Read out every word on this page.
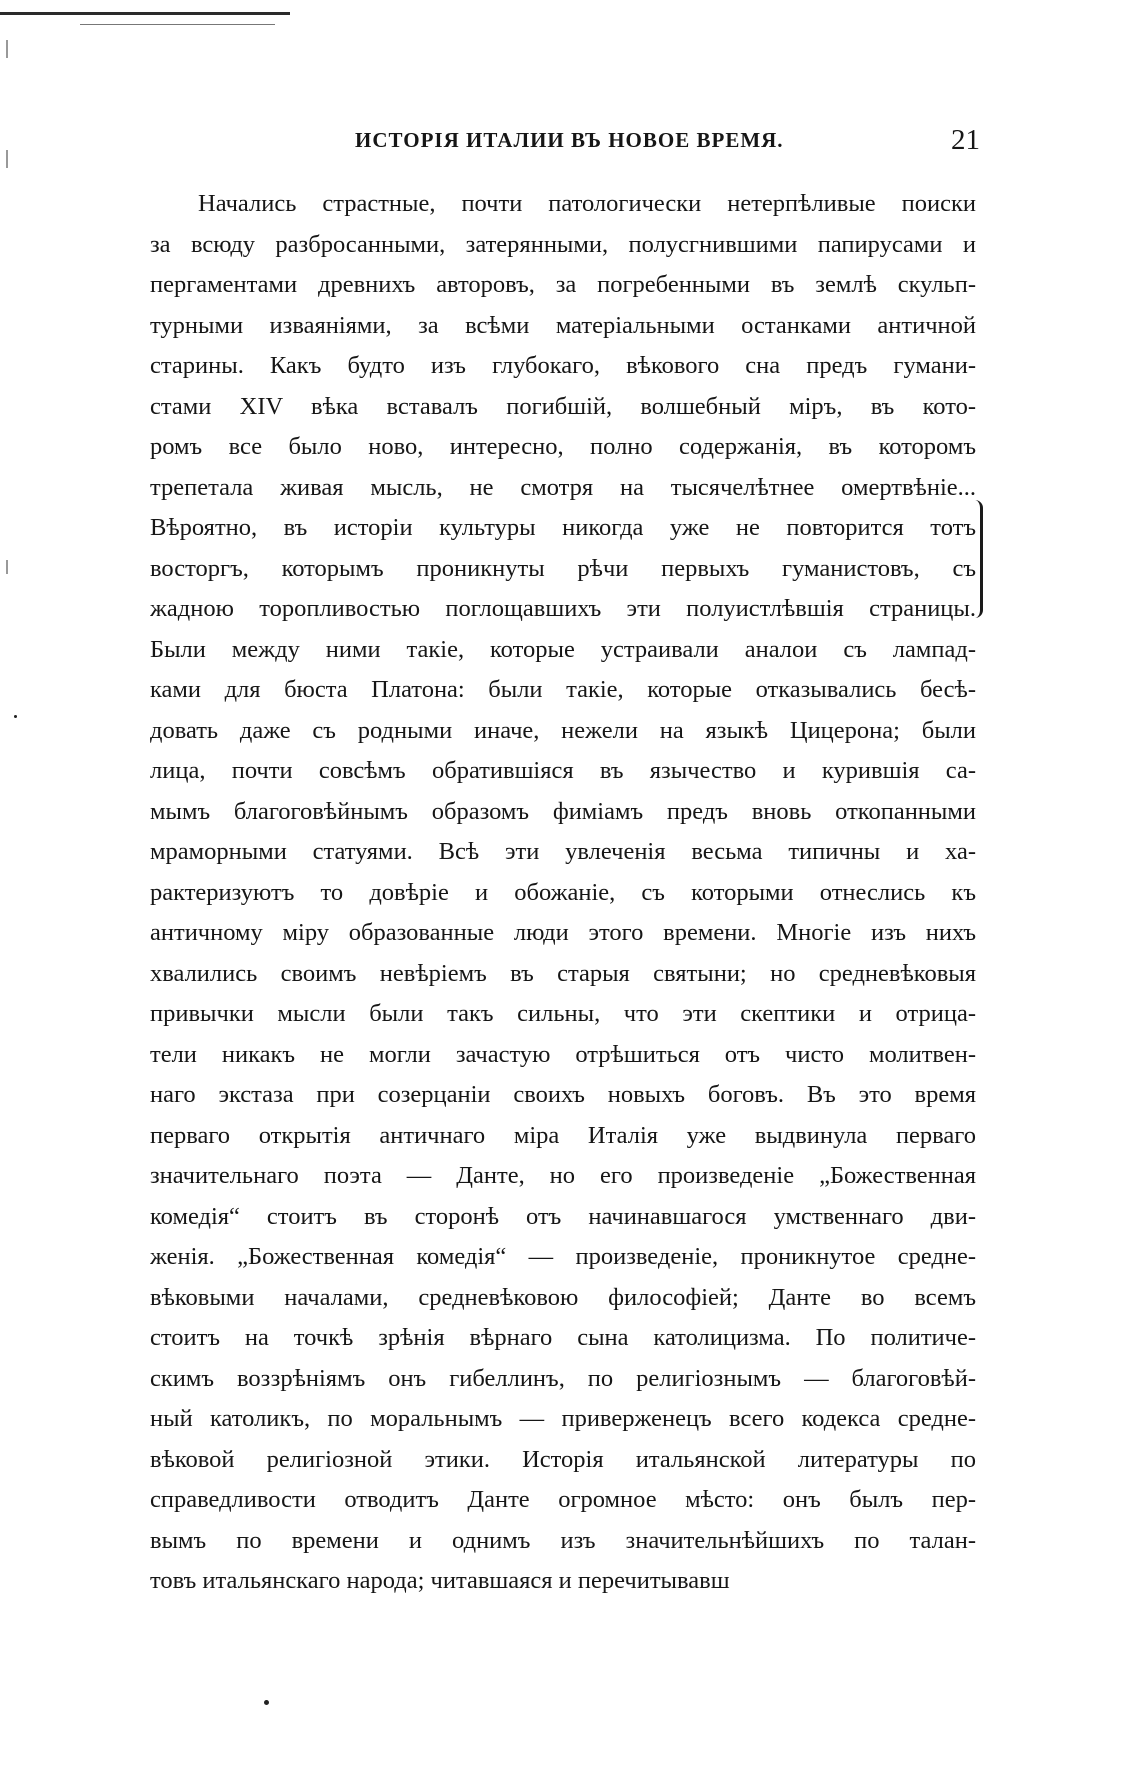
ИСТОРІЯ ИТАЛИИ ВЪ НОВОЕ ВРЕМЯ.	21
Начались страстные, почти патологически нетерпѣливые поиски
за всюду разбросанными, затерянными, полусгнившими папирусами и
пергаментами древнихъ авторовъ, за погребенными въ землѣ скульп-
турными изваяніями, за всѣми матеріальными останками античной
старины. Какъ будто изъ глубокаго, вѣкового сна предъ гумани-
стами XIV вѣка вставалъ погибшій, волшебный міръ, въ кото-
ромъ все было ново, интересно, полно содержанія, въ которомъ
трепетала живая мысль, не смотря на тысячелѣтнее омертвѣніе...
Вѣроятно, въ исторіи культуры никогда уже не повторится тотъ
восторгъ, которымъ проникнуты рѣчи первыхъ гуманистовъ, съ
жадною торопливостью поглощавшихъ эти полуистлѣвшія страницы.
Были между ними такіе, которые устраивали аналои съ лампад-
ками для бюста Платона: были такіе, которые отказывались бесѣ-
довать даже съ родными иначе, нежели на языкѣ Цицерона; были
лица, почти совсѣмъ обратившіяся въ язычество и курившія са-
мымъ благоговѣйнымъ образомъ фиміамъ предъ вновь откопанными
мраморными статуями. Всѣ эти увлеченія весьма типичны и ха-
рактеризуютъ то довѣріе и обожаніе, съ которыми отнеслись къ
античному міру образованные люди этого времени. Многіе изъ нихъ
хвалились своимъ невѣріемъ въ старыя святыни; но средневѣковыя
привычки мысли были такъ сильны, что эти скептики и отрица-
тели никакъ не могли зачастую отрѣшиться отъ чисто молитвен-
наго экстаза при созерцаніи своихъ новыхъ боговъ. Въ это время
перваго открытія античнаго міра Италія уже выдвинула перваго
значительнаго поэта — Данте, но его произведеніе „Божественная
комедія“ стоитъ въ сторонѣ отъ начинавшагося умственнаго дви-
женія. „Божественная комедія“ — произведеніе, проникнутое средне-
вѣковыми началами, средневѣковою философіей; Данте во всемъ
стоитъ на точкѣ зрѣнія вѣрнаго сына католицизма. По политиче-
скимъ воззрѣніямъ онъ гибеллинъ, по религіознымъ — благоговѣй-
ный католикъ, по моральнымъ — приверженецъ всего кодекса средне-
вѣковой религіозной этики. Исторія итальянской литературы по
справедливости отводитъ Данте огромное мѣсто: онъ былъ пер-
вымъ по времени и однимъ изъ значительнѣйшихъ по талан-
товъ итальянскаго народа; читавшаяся и перечитывавш
